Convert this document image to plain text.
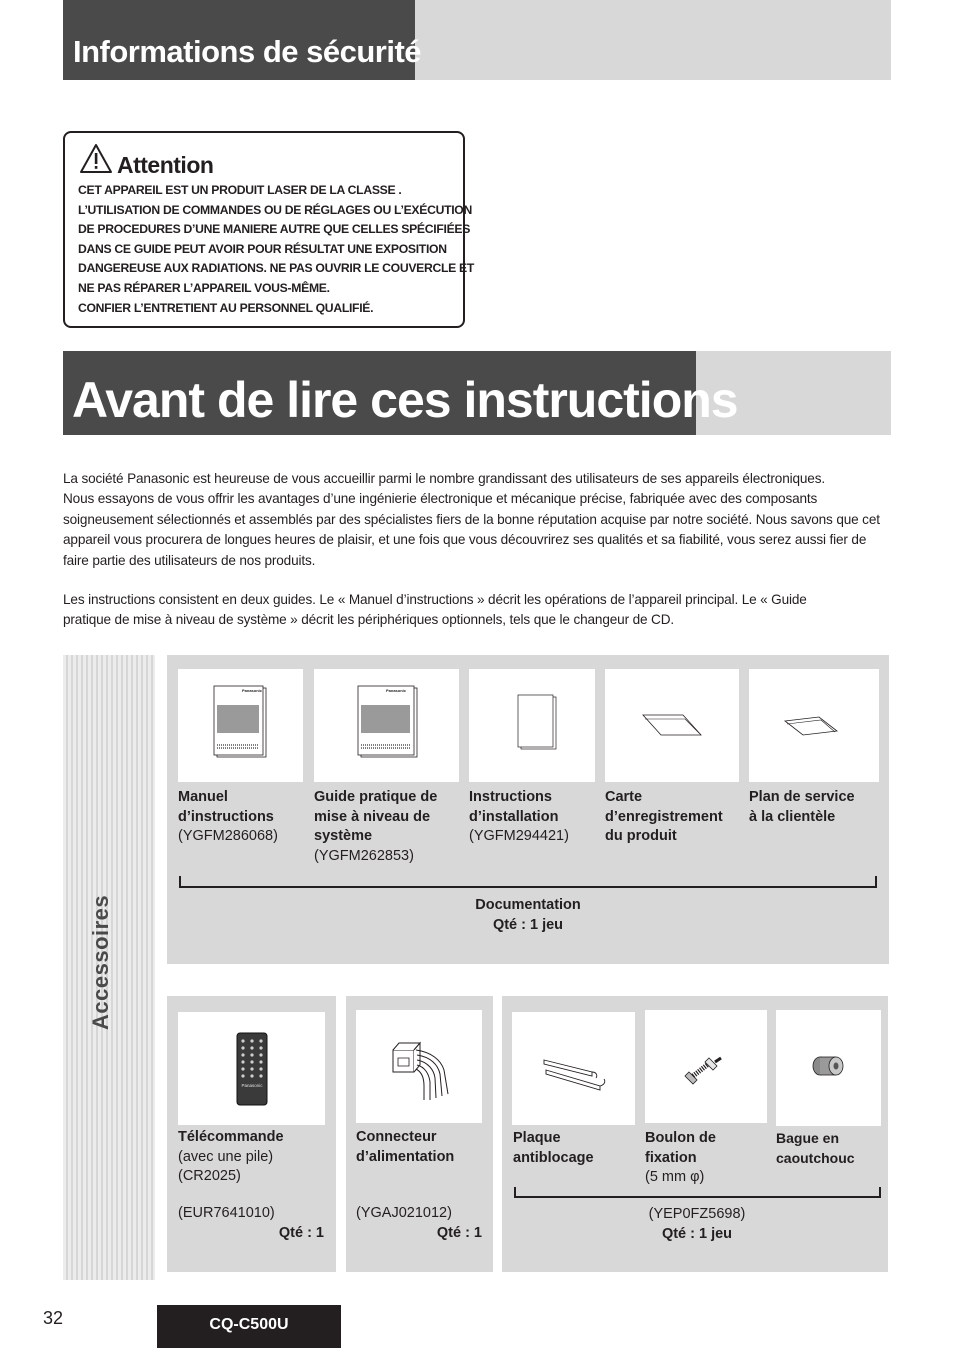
Informations de sécurité
Attention
CET APPAREIL EST UN PRODUIT LASER DE LA CLASSE .
L’UTILISATION DE COMMANDES OU DE RÉGLAGES OU L’EXÉCUTION
DE PROCEDURES D’UNE MANIERE AUTRE QUE CELLES SPÉCIFIÉES
DANS CE GUIDE PEUT AVOIR POUR RÉSULTAT UNE EXPOSITION
DANGEREUSE AUX RADIATIONS. NE PAS OUVRIR LE COUVERCLE ET
NE PAS RÉPARER L’APPAREIL VOUS-MÊME.
CONFIER L’ENTRETIENT AU PERSONNEL QUALIFIÉ.
Avant de lire ces instructions
La société Panasonic est heureuse de vous accueillir parmi le nombre grandissant des utilisateurs de ses appareils électroniques.
Nous essayons de vous offrir les avantages d’une ingénierie électronique et mécanique précise, fabriquée avec des composants
soigneusement sélectionnés et assemblés par des spécialistes fiers de la bonne réputation acquise par notre société. Nous savons que cet
appareil vous procurera de longues heures de plaisir, et une fois que vous découvrirez ses qualités et sa fiabilité, vous serez aussi fier de
faire partie des utilisateurs de nos produits.
Les instructions consistent en deux guides. Le « Manuel d’instructions » décrit les opérations de l’appareil principal. Le « Guide
pratique de mise à niveau de système » décrit les périphériques optionnels, tels que le changeur de CD.
Accessoires
Panasonic	Panasonic
Manuel
d’instructions
(YGFM286068)
Guide pratique de
mise à niveau de
système
(YGFM262853)
Instructions
d’installation
(YGFM294421)
Carte
d’enregistrement
du produit
Plan de service
à la clientèle
Documentation
Qté : 1 jeu
Panasonic
Télécommande
(avec une pile)
(CR2025)
(EUR7641010)
Qté : 1
Connecteur
d’alimentation
(YGAJ021012)
Qté : 1
Plaque
antiblocage
Boulon de
fixation
(5 mm φ)
Bague en
caoutchouc
(YEP0FZ5698)
Qté : 1 jeu
32	CQ-C500U
